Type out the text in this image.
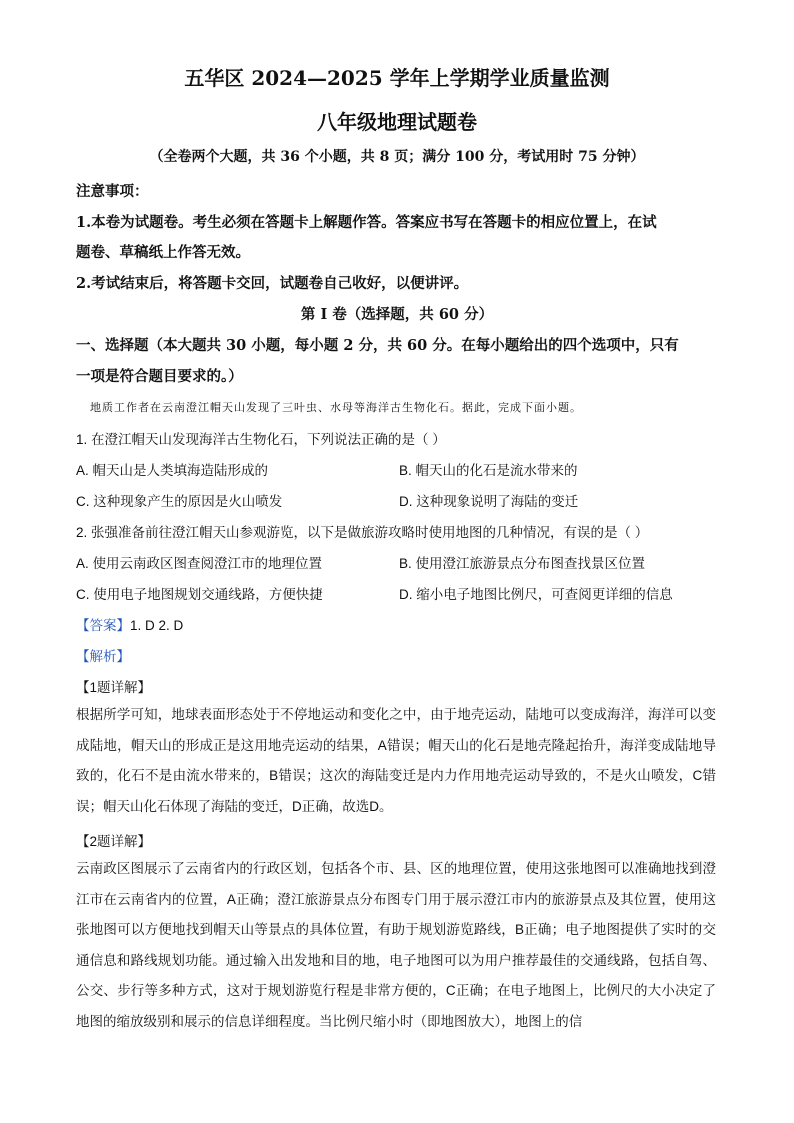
五华区 2024—2025 学年上学期学业质量监测
八年级地理试题卷
（全卷两个大题，共 36 个小题，共 8 页；满分 100 分，考试用时 75 分钟）
注意事项：
1.本卷为试题卷。考生必须在答题卡上解题作答。答案应书写在答题卡的相应位置上，在试
题卷、草稿纸上作答无效。
2.考试结束后，将答题卡交回，试题卷自己收好，以便讲评。
第 I 卷（选择题，共 60 分）
一、选择题（本大题共 30 小题，每小题 2 分，共 60 分。在每小题给出的四个选项中，只有
一项是符合题目要求的。）
地质工作者在云南澄江帽天山发现了三叶虫、水母等海洋古生物化石。据此，完成下面小题。
1. 在澄江帽天山发现海洋古生物化石，下列说法正确的是（ ）
A. 帽天山是人类填海造陆形成的	B. 帽天山的化石是流水带来的
C. 这种现象产生的原因是火山喷发	D. 这种现象说明了海陆的变迁
2. 张强准备前往澄江帽天山参观游览，以下是做旅游攻略时使用地图的几种情况，有误的是（ ）
A. 使用云南政区图查阅澄江市的地理位置	B. 使用澄江旅游景点分布图查找景区位置
C. 使用电子地图规划交通线路，方便快捷	D. 缩小电子地图比例尺，可查阅更详细的信息
【答案】1. D 2. D
【解析】
【1题详解】
根据所学可知，地球表面形态处于不停地运动和变化之中，由于地壳运动，陆地可以变成海洋，海洋可以变成陆地，帽天山的形成正是这用地壳运动的结果，A错误；帽天山的化石是地壳隆起抬升，海洋变成陆地导致的，化石不是由流水带来的，B错误；这次的海陆变迁是内力作用地壳运动导致的，不是火山喷发，C错误；帽天山化石体现了海陆的变迁，D正确，故选D。
【2题详解】
云南政区图展示了云南省内的行政区划，包括各个市、县、区的地理位置，使用这张地图可以准确地找到澄江市在云南省内的位置，A正确；澄江旅游景点分布图专门用于展示澄江市内的旅游景点及其位置，使用这张地图可以方便地找到帽天山等景点的具体位置，有助于规划游览路线，B正确；电子地图提供了实时的交通信息和路线规划功能。通过输入出发地和目的地，电子地图可以为用户推荐最佳的交通线路，包括自驾、公交、步行等多种方式，这对于规划游览行程是非常方便的，C正确；在电子地图上，比例尺的大小决定了地图的缩放级别和展示的信息详细程度。当比例尺缩小时（即地图放大），地图上的信
